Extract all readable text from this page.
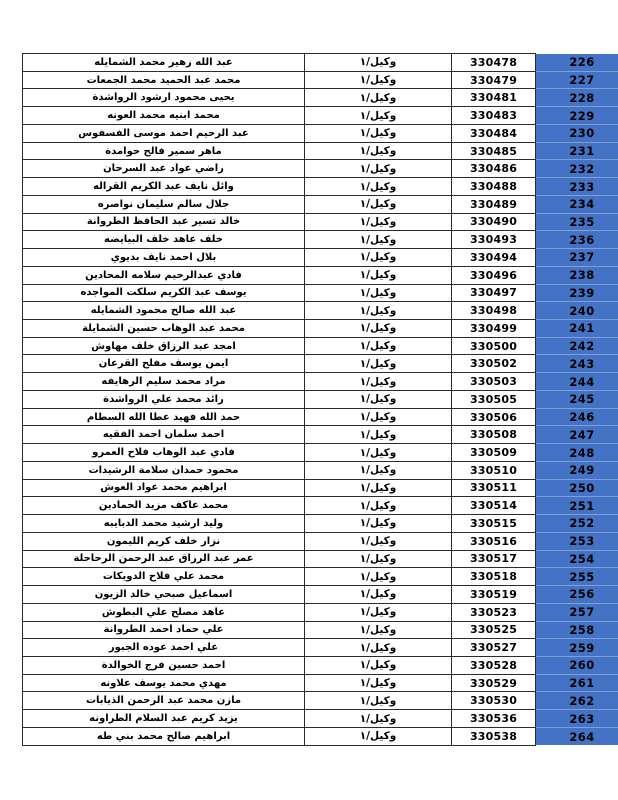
عبد الله زهير محمد الشمايله	وكيل/١	330478	226
محمد عبد الحميد محمد الجمعات	وكيل/١	330479	227
يحيى محمود ارشود الرواشدة	وكيل/١	330481	228
محمد ابنيه محمد العونه	وكيل/١	330483	229
عبد الرحيم احمد موسى الفسفوس	وكيل/١	330484	230
ماهر سمير فالح حوامدة	وكيل/١	330485	231
راضي عواد عبد السرحان	وكيل/١	330486	232
وائل نايف عبد الكريم القراله	وكيل/١	330488	233
جلال سالم سليمان نواصره	وكيل/١	330489	234
خالد تسير عبد الحافظ الطروانة	وكيل/١	330490	235
خلف عاهد خلف البيايضه	وكيل/١	330493	236
بلال احمد نايف بديوي	وكيل/١	330494	237
فادي عبدالرحيم سلامه المحادين	وكيل/١	330496	238
يوسف عبد الكريم سلكت المواجده	وكيل/١	330497	239
عبد الله صالح محمود الشمايله	وكيل/١	330498	240
محمد عبد الوهاب حسين الشمايلة	وكيل/١	330499	241
امجد عبد الرزاق خلف مهاوش	وكيل/١	330500	242
ايمن يوسف مفلح القرعان	وكيل/١	330502	243
مراد محمد سليم الرهايفه	وكيل/١	330503	244
رائد محمد علي الرواشدة	وكيل/١	330505	245
حمد الله فهيد عطا الله السطام	وكيل/١	330506	246
احمد سلمان احمد الفقيه	وكيل/١	330508	247
فادي عبد الوهاب فلاح العمرو	وكيل/١	330509	248
محمود حمدان سلامة الرشيدات	وكيل/١	330510	249
ابراهيم محمد عواد العوش	وكيل/١	330511	250
محمد عاكف مزيد الحمادين	وكيل/١	330514	251
وليد ارشيد محمد الدبايبه	وكيل/١	330515	252
نزار خلف كريم الليمون	وكيل/١	330516	253
عمر عبد الرزاق عبد الرحمن الرحاحلة	وكيل/١	330517	254
محمد علي فلاح الدويكات	وكيل/١	330518	255
اسماعيل صبحي خالد الزيون	وكيل/١	330519	256
عاهد مصلح علي البطوش	وكيل/١	330523	257
علي حماد احمد الطروانة	وكيل/١	330525	258
علي احمد عوده الجبور	وكيل/١	330527	259
احمد حسين فرج الخوالدة	وكيل/١	330528	260
مهدي محمد يوسف علاونه	وكيل/١	330529	261
مازن محمد عبد الرحمن الذيابات	وكيل/١	330530	262
يزيد كريم عبد السلام الطراونه	وكيل/١	330536	263
ابراهيم صالح محمد بني طه	وكيل/١	330538	264
